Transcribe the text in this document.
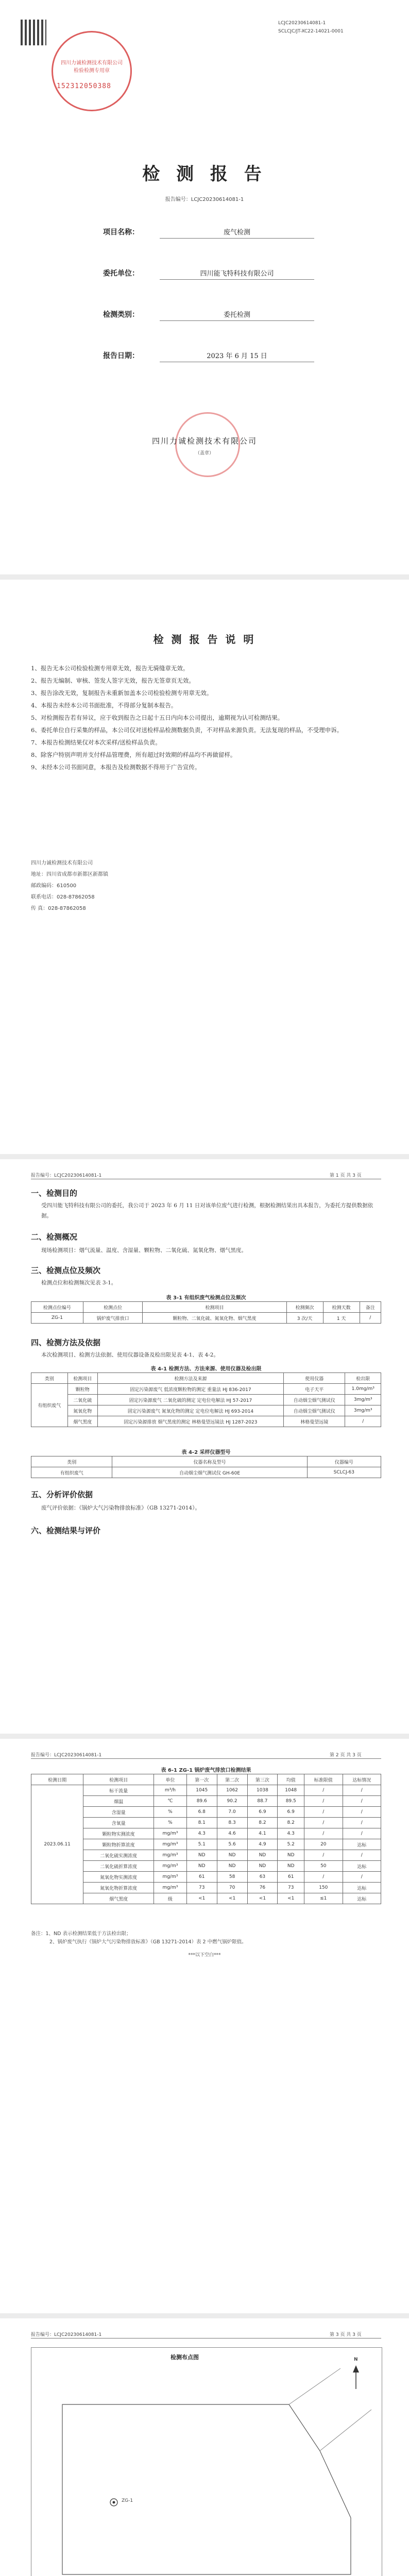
四川力诚检测技术有限公司 检验检测专用章
152312050388
LCJC20230614081-1
SCLCJC/JT-XC22-14021-0001
检 测 报 告
报告编号：LCJC20230614081-1
项目名称：	废气检测
委托单位：	四川能飞特科技有限公司
检测类别：	委托检测
报告日期：	2023 年 6 月 15 日
四川力诚检测技术有限公司
（盖章）
检 测 报 告 说 明
1、报告无本公司检验检测专用章无效，报告无骑缝章无效。
2、报告无编制、审核、签发人签字无效，报告无签章页无效。
3、报告涂改无效，复制报告未重新加盖本公司检验检测专用章无效。
4、本报告未经本公司书面批准，不得部分复制本报告。
5、对检测报告若有异议，应于收到报告之日起十五日内向本公司提出，逾期视为认可检测结果。
6、委托单位自行采集的样品，本公司仅对送检样品检测数据负责，不对样品来源负责。无法复现的样品，不受理申诉。
7、本报告检测结果仅对本次采样/送检样品负责。
8、除客户特别声明并支付样品管理费，所有超过时效期的样品均不再做留样。
9、未经本公司书面同意，本报告及检测数据不得用于广告宣传。
四川力诚检测技术有限公司
地址：四川省成都市新都区新都镇
邮政编码：610500
联系电话：028-87862058
传 真：028-87862058
报告编号：LCJC20230614081-1	第 1 页 共 3 页
一、检测目的
受四川能飞特科技有限公司的委托，我公司于 2023 年 6 月 11 日对该单位废气进行检测，根据检测结果出具本报告，为委托方提供数据依据。
二、检测概况
现场检测项目：烟气流量、温度、含湿量、颗粒物、二氧化硫、氮氧化物、烟气黑度。
三、检测点位及频次
检测点位和检测频次见表 3-1。
表 3-1 有组织废气检测点位及频次
检测点位编号	检测点位	检测项目	检测频次	检测天数	备注
ZG-1	锅炉废气排放口	颗粒物、二氧化硫、氮氧化物、烟气黑度	3 次/天	1 天	/
四、检测方法及依据
本次检测项目、检测方法依据、使用仪器设备及检出限见表 4-1、表 4-2。
表 4-1 检测方法、方法来源、使用仪器及检出限
类别	检测项目	检测方法及来源	使用仪器	检出限
有组织废气	颗粒物	固定污染源废气 低浓度颗粒物的测定 重量法 HJ 836-2017	电子天平	1.0mg/m³
	二氧化硫	固定污染源废气 二氧化硫的测定 定电位电解法 HJ 57-2017	自动烟尘烟气测试仪	3mg/m³
	氮氧化物	固定污染源废气 氮氧化物的测定 定电位电解法 HJ 693-2014	自动烟尘烟气测试仪	3mg/m³
	烟气黑度	固定污染源排放 烟气黑度的测定 林格曼望远镜法 HJ 1287-2023	林格曼望远镜	/
表 4-2 采样仪器型号
类别	仪器名称及型号	仪器编号
有组织废气	自动烟尘烟气测试仪 GH-60E	SCLCJ-63
五、分析评价依据
废气评价依据：《锅炉大气污染物排放标准》（GB 13271-2014）。
六、检测结果与评价
报告编号：LCJC20230614081-1	第 2 页 共 3 页
表 6-1 ZG-1 锅炉废气排放口检测结果
检测日期	检测项目	单位	第一次	第二次	第三次	均值	标准限值	达标情况
2023.06.11	标干流量	m³/h	1045	1062	1038	1048	/	/
	烟温	℃	89.6	90.2	88.7	89.5	/	/
	含湿量	%	6.8	7.0	6.9	6.9	/	/
	含氧量	%	8.1	8.3	8.2	8.2	/	/
	颗粒物实测浓度	mg/m³	4.3	4.6	4.1	4.3	/	/
	颗粒物折算浓度	mg/m³	5.1	5.6	4.9	5.2	20	达标
	二氧化硫实测浓度	mg/m³	ND	ND	ND	ND	/	/
	二氧化硫折算浓度	mg/m³	ND	ND	ND	ND	50	达标
	氮氧化物实测浓度	mg/m³	61	58	63	61	/	/
	氮氧化物折算浓度	mg/m³	73	70	76	73	150	达标
	烟气黑度	级	<1	<1	<1	<1	≤1	达标
备注：1、ND 表示检测结果低于方法检出限；
2、锅炉废气执行《锅炉大气污染物排放标准》（GB 13271-2014）表 2 中燃气锅炉限值。
***以下空白***
报告编号：LCJC20230614081-1	第 3 页 共 3 页
检测布点图
ZG-1
N
